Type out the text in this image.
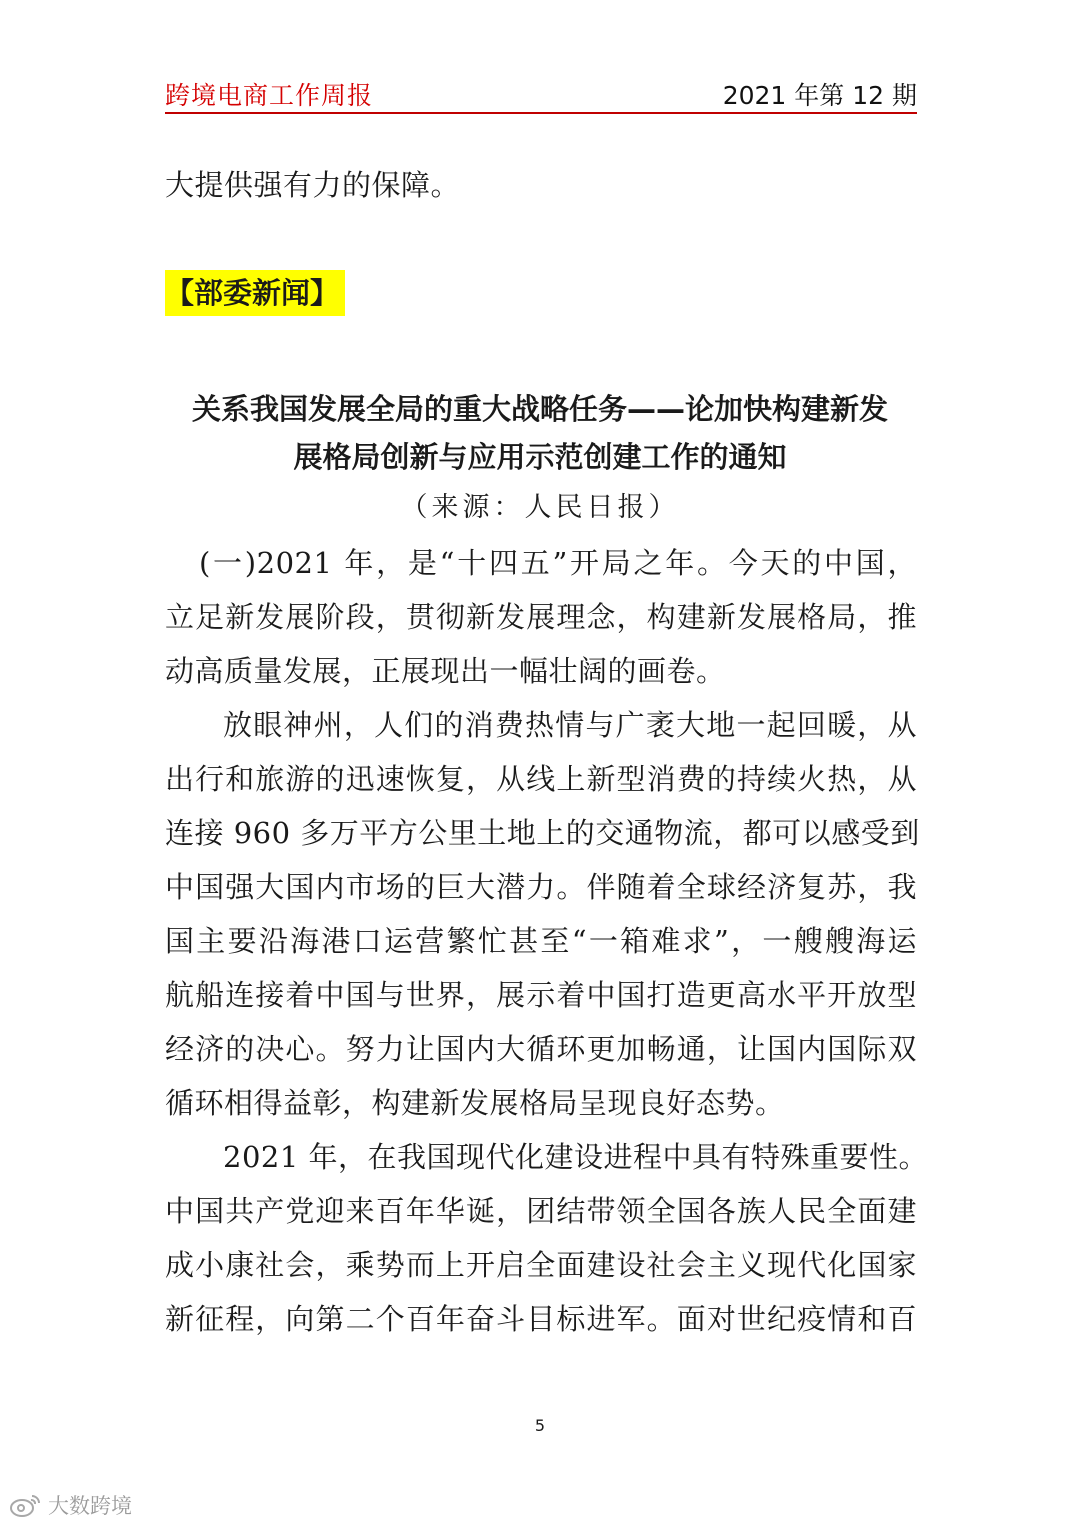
跨境电商工作周报	2021 年第 12 期
大提供强有力的保障。
【部委新闻】
关系我国发展全局的重大战略任务——论加快构建新发
展格局创新与应用示范创建工作的通知
（来源：人民日报）
(一)2021 年，是“十四五”开局之年。今天的中国，
立足新发展阶段，贯彻新发展理念，构建新发展格局，推
动高质量发展，正展现出一幅壮阔的画卷。
放眼神州，人们的消费热情与广袤大地一起回暖，从
出行和旅游的迅速恢复，从线上新型消费的持续火热，从
连接 960 多万平方公里土地上的交通物流，都可以感受到
中国强大国内市场的巨大潜力。伴随着全球经济复苏，我
国主要沿海港口运营繁忙甚至“一箱难求”，一艘艘海运
航船连接着中国与世界，展示着中国打造更高水平开放型
经济的决心。努力让国内大循环更加畅通，让国内国际双
循环相得益彰，构建新发展格局呈现良好态势。
2021 年，在我国现代化建设进程中具有特殊重要性。
中国共产党迎来百年华诞，团结带领全国各族人民全面建
成小康社会，乘势而上开启全面建设社会主义现代化国家
新征程，向第二个百年奋斗目标进军。面对世纪疫情和百
5
大数跨境
